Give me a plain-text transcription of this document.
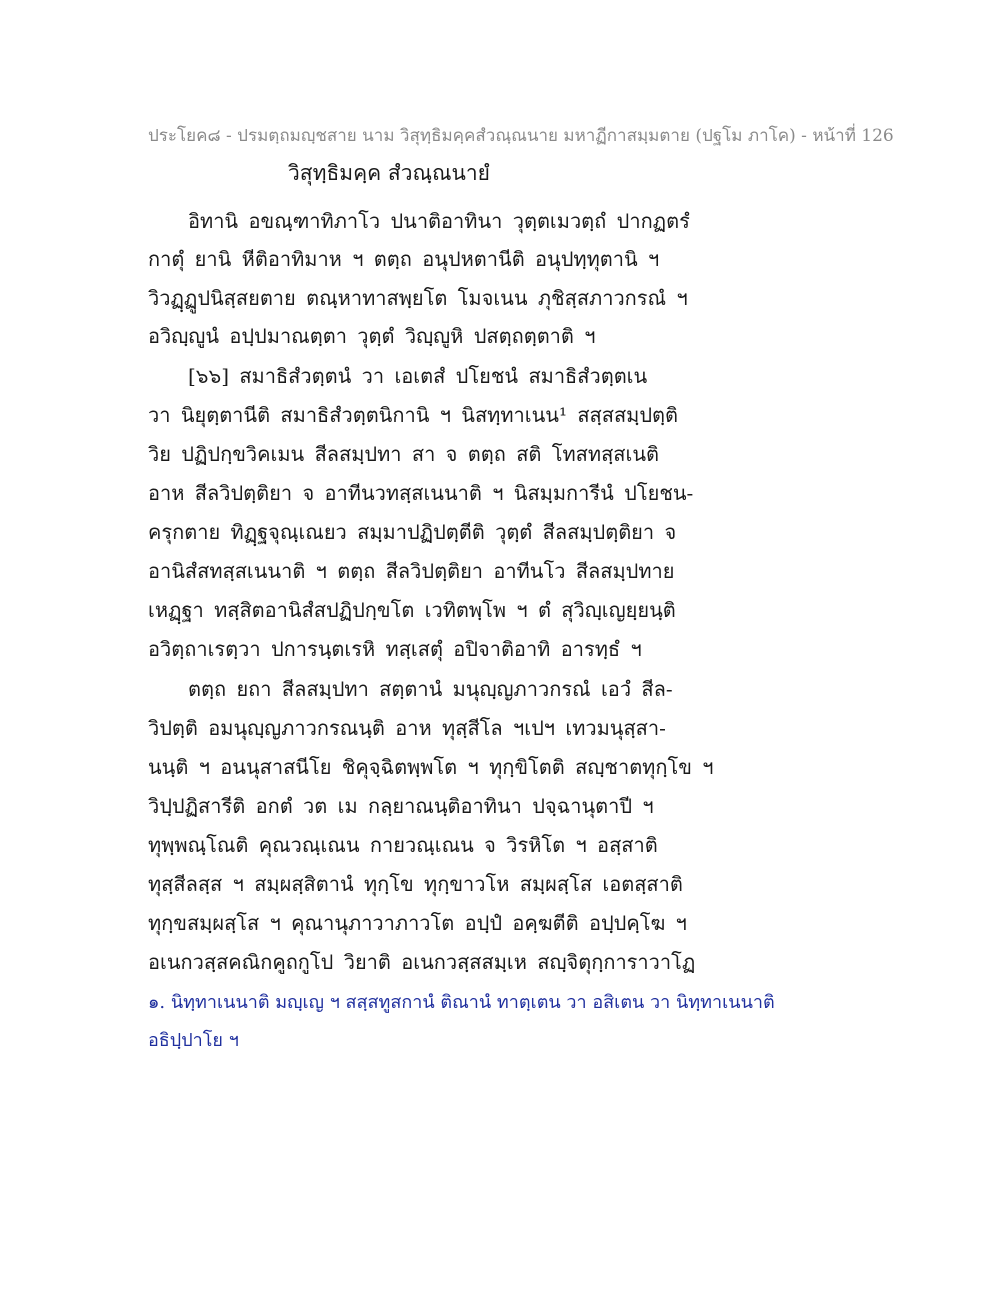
ประโยค๘ - ปรมตฺถมญฺชสาย นาม วิสุทฺธิมคฺคสํวณฺณนาย มหาฏีกาสมฺมตาย (ปฐโม ภาโค) - หน้าที่ 126
วิสุทฺธิมคฺค สํวณฺณนายํ
อิทานิ อขณฺฑาทิภาโว ปนาติอาทินา วุตฺตเมวตฺถํ ปากฏตรํ
กาตุํ ยานิ หีติอาทิมาห ฯ ตตฺถ อนุปหตานีติ อนุปทฺทุตานิ ฯ
วิวฏฺฏูปนิสฺสยตาย ตณฺหาทาสพฺยโต โมจเนน ภุชิสฺสภาวกรณํ ฯ
อวิญฺญูนํ อปฺปมาณตฺตา วุตฺตํ วิญฺญูหิ ปสตฺถตฺตาติ ฯ
[๖๖] สมาธิสํวตฺตนํ วา เอเตสํ ปโยชนํ สมาธิสํวตฺตเน
วา นิยุตฺตานีติ สมาธิสํวตฺตนิกานิ ฯ นิสทฺทาเนน¹ สสฺสสมฺปตฺติ
วิย ปฏิปกฺขวิคเมน สีลสมฺปทา สา จ ตตฺถ สติ โทสทสฺสเนติ
อาห สีลวิปตฺติยา จ อาทีนวทสฺสเนนาติ ฯ นิสมฺมการีนํ ปโยชน-
ครุกตาย ทิฏฺฐจุณฺเณยว สมฺมาปฏิปตฺตีติ วุตฺตํ สีลสมฺปตฺติยา จ
อานิสํสทสฺสเนนาติ ฯ ตตฺถ สีลวิปตฺติยา อาทีนโว สีลสมฺปทาย
เหฏฺฐา ทสฺสิตอานิสํสปฏิปกฺขโต เวทิตพฺโพ ฯ ตํ สุวิญฺเญยฺยนฺติ
อวิตฺถาเรตฺวา ปการนฺตเรหิ ทสฺเสตุํ อปิจาติอาทิ อารทฺธํ ฯ
ตตฺถ ยถา สีลสมฺปทา สตฺตานํ มนุญฺญภาวกรณํ เอวํ สีล-
วิปตฺติ อมนุญฺญภาวกรณนฺติ อาห ทุสฺสีโล ฯเปฯ เทวมนุสฺสา-
นนฺติ ฯ อนนุสาสนีโย ชิคุจฺฉิตพฺพโต ฯ ทุกฺขิโตติ สญฺชาตทุกฺโข ฯ
วิปฺปฏิสารีติ อกตํ วต เม กลฺยาณนฺติอาทินา ปจฺฉานุตาปี ฯ
ทุพฺพณฺโณติ คุณวณฺเณน กายวณฺเณน จ วิรหิโต ฯ อสฺสาติ
ทุสฺสีลสฺส ฯ สมฺผสฺสิตานํ ทุกฺโข ทุกฺขาวโห สมฺผสฺโส เอตสฺสาติ
ทุกฺขสมฺผสฺโส ฯ คุณานุภาวาภาวโต อปฺปํ อคฺฆตีติ อปฺปคฺโฆ ฯ
อเนกวสฺสคณิกคูถกูโป วิยาติ อเนกวสฺสสมฺเห สญฺจิตุกฺการาวาโฏ
๑. นิทฺทาเนนาติ มญฺเญ ฯ สสฺสทูสกานํ ติณานํ ทาตฺเตน วา อสิเตน วา นิทฺทาเนนาติ
อธิปฺปาโย ฯ
